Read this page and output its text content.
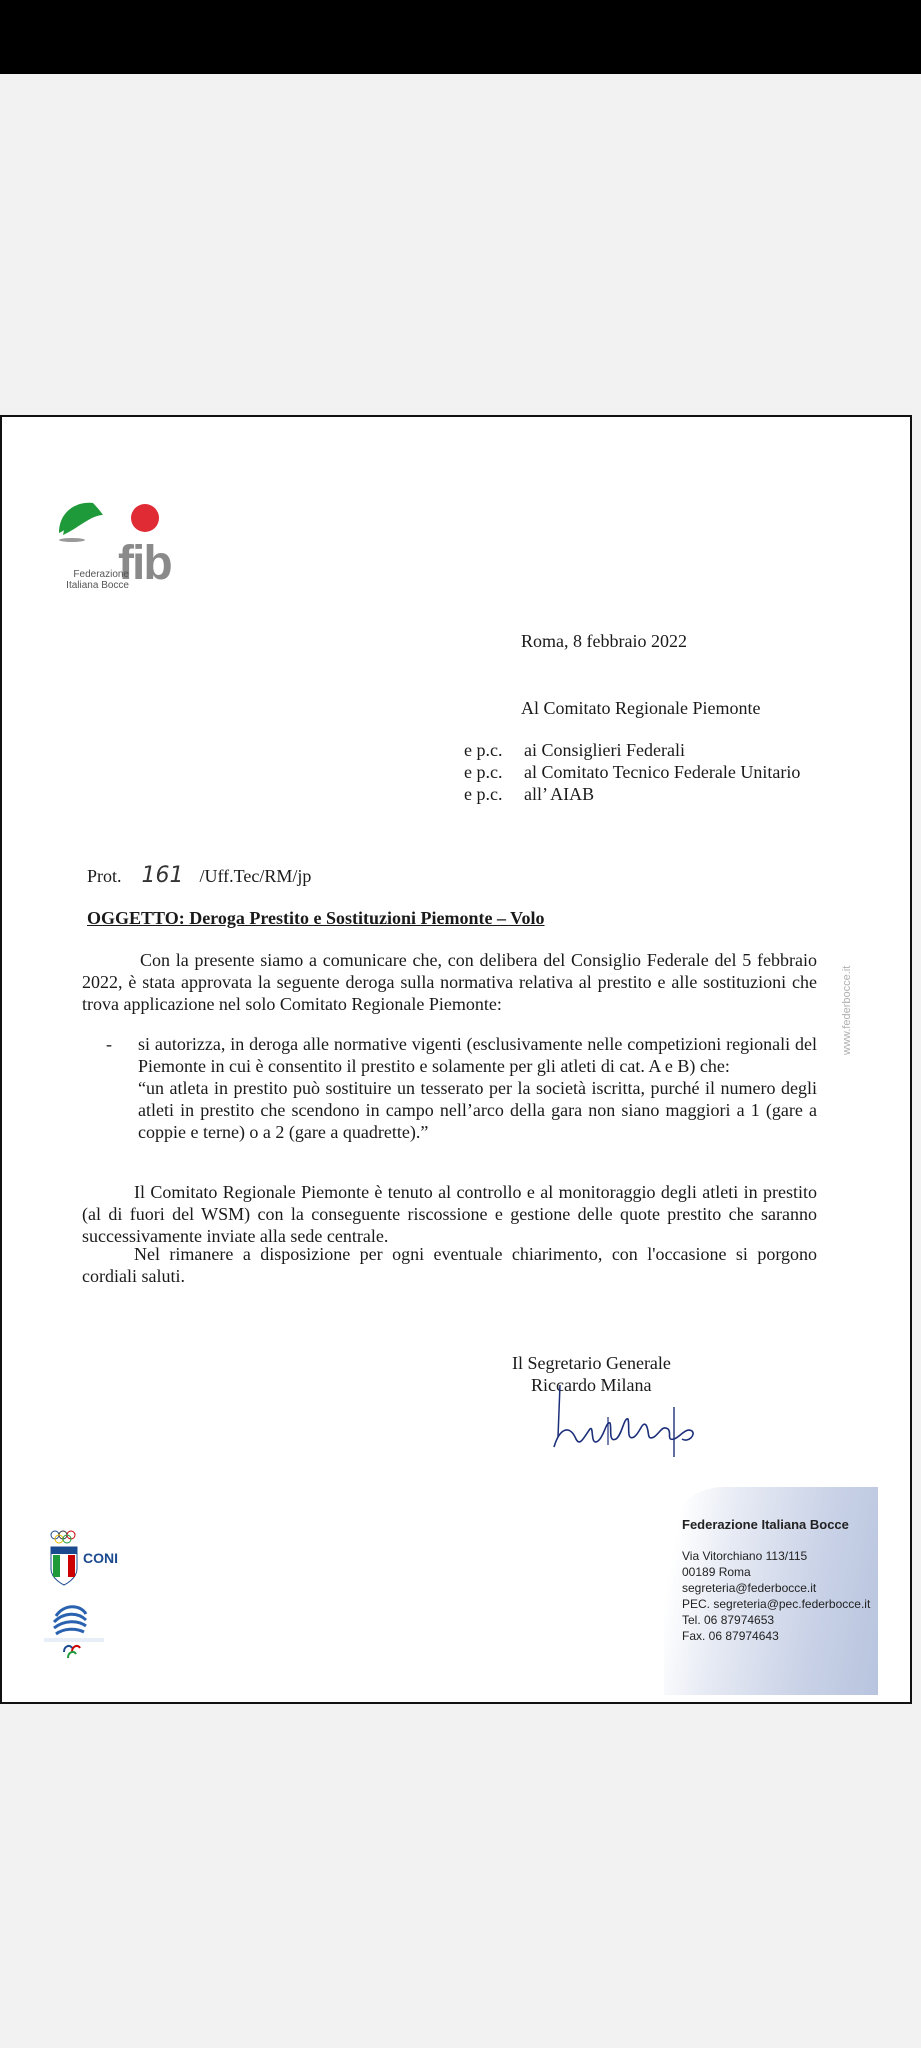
fib
Federazione
Italiana Bocce
Roma, 8 febbraio 2022
Al Comitato Regionale Piemonte
e p.c.	ai Consiglieri Federali
e p.c.	al Comitato Tecnico Federale Unitario
e p.c.	all’ AIAB
Prot. 161 /Uff.Tec/RM/jp
OGGETTO: Deroga Prestito e Sostituzioni Piemonte – Volo
Con la presente siamo a comunicare che, con delibera del Consiglio Federale del 5 febbraio 2022, è stata approvata la seguente deroga sulla normativa relativa al prestito e alle sostituzioni che trova applicazione nel solo Comitato Regionale Piemonte:
- si autorizza, in deroga alle normative vigenti (esclusivamente nelle competizioni regionali del Piemonte in cui è consentito il prestito e solamente per gli atleti di cat. A e B) che:
“un atleta in prestito può sostituire un tesserato per la società iscritta, purché il numero degli atleti in prestito che scendono in campo nell’arco della gara non siano maggiori a 1 (gare a coppie e terne) o a 2 (gare a quadrette).”
Il Comitato Regionale Piemonte è tenuto al controllo e al monitoraggio degli atleti in prestito (al di fuori del WSM) con la conseguente riscossione e gestione delle quote prestito che saranno successivamente inviate alla sede centrale.
Nel rimanere a disposizione per ogni eventuale chiarimento, con l'occasione si porgono cordiali saluti.
www.federbocce.it
Il Segretario Generale
Riccardo Milana
CONI
Federazione Italiana Bocce
Via Vitorchiano 113/115
00189 Roma
segreteria@federbocce.it
PEC. segreteria@pec.federbocce.it
Tel. 06 87974653
Fax. 06 87974643
